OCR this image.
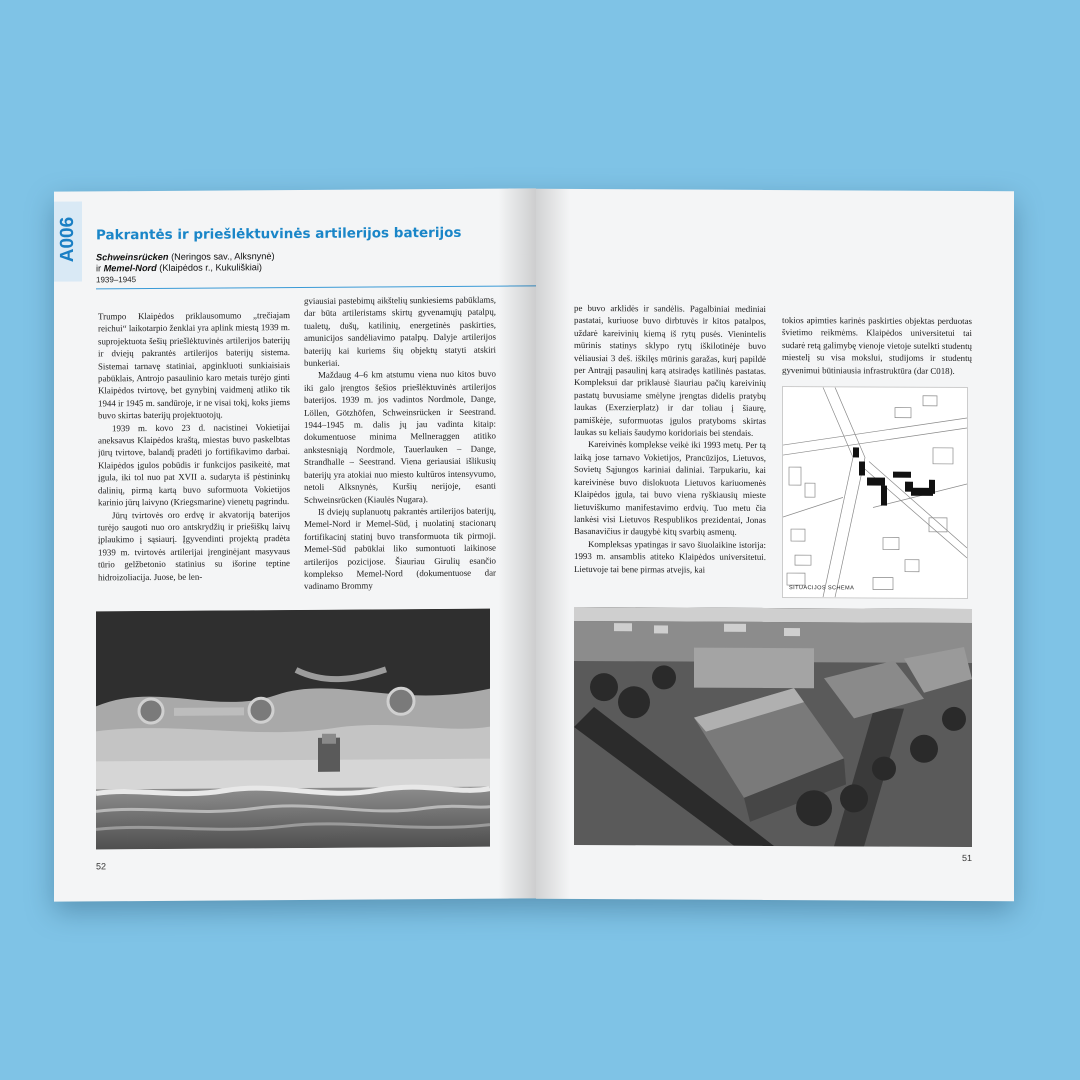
A006 Pakrantės ir priešlėktuvinės artilerijos baterijos
Schweinsrücken (Neringos sav., Alksnynė)
ir Memel-Nord (Klaipėdos r., Kukuliškiai)
1939–1945

Trumpo Klaipėdos priklausomumo „trečiajam reichui“ laikotarpio ženklai yra aplink miestą 1939 m. suprojektuota šešių priešlėktuvinės artilerijos baterijų ir dviejų pakrantės artilerijos baterijų sistema. Sistemai tarnavę statiniai, apginkluoti sunkiaisiais pabūklais, Antrojo pasaulinio karo metais turėjo ginti Klaipėdos tvirtovę, bet gynybinį vaidmenį atliko tik 1944 ir 1945 m. sandūroje, ir ne visai tokį, koks jiems buvo skirtas baterijų projektuotojų.

1939 m. kovo 23 d. nacistinei Vokietijai aneksavus Klaipėdos kraštą, miestas buvo paskelbtas jūrų tvirtove, balandį pradėti jo fortifikavimo darbai. Klaipėdos įgulos pobūdis ir funkcijos pasikeitė, mat įgula, iki tol nuo pat XVII a. sudaryta iš pėstininkų dalinių, pirmą kartą buvo suformuota Vokietijos karinio jūrų laivyno (Kriegsmarine) vienetų pagrindu.

Jūrų tvirtovės oro erdvę ir akvatoriją baterijos turėjo saugoti nuo oro antskrydžių ir priešiškų laivų įplaukimo į sąsiaurį. Įgyvendinti projektą pradėta 1939 m. tvirtovės artilerijai įrenginėjant masyvaus tūrio gelžbetonio statinius su išorine teptine hidroizoliacija. Juose, be len-

gviausiai pastebimų aikštelių sunkiesiems pabūklams, dar būta artileristams skirtų gyvenamųjų patalpų, tualetų, dušų, katilinių, energetinės paskirties, amunicijos sandėliavimo patalpų. Dalyje artilerijos baterijų kai kuriems šių objektų statyti atskiri bunkeriai.

Maždaug 4–6 km atstumu viena nuo kitos buvo iki galo įrengtos šešios priešlėktuvinės artilerijos baterijos. 1939 m. jos vadintos Nordmole, Dange, Löllen, Götzhöfen, Schweinsrücken ir Seestrand. 1944–1945 m. dalis jų jau vadinta kitaip: dokumentuose minima Mellneraggen atitiko ankstesniąją Nordmole, Tauerlauken – Dange, Strandhalle – Seestrand. Viena geriausiai išlikusių baterijų yra atokiai nuo miesto kultūros intensyvumo, netoli Alksnynės, Kuršių nerijoje, esanti Schweinsrücken (Kiaulės Nugara).

Iš dviejų suplanuotų pakrantės artilerijos baterijų, Memel-Nord ir Memel-Süd, į nuolatinį stacionarų fortifikacinį statinį buvo transformuota tik pirmoji. Memel-Süd pabūklai liko sumontuoti laikinose artilerijos pozicijose. Šiauriau Girulių esančio komplekso Memel-Nord (dokumentuose dar vadinamo Brommy

52

pe buvo arklidės ir sandėlis. Pagalbiniai mediniai pastatai, kuriuose buvo dirbtuvės ir kitos patalpos, uždarė kareivinių kiemą iš rytų pusės. Vienintelis mūrinis statinys sklypo rytų iškilotinėje buvo vėliausiai 3 deš. iškilęs mūrinis garažas, kurį papildė per Antrąjį pasaulinį karą atsiradęs katilinės pastatas. Kompleksui dar priklausė šiauriau pačių kareivinių pastatų buvusiame smėlyne įrengtas didelis pratybų laukas (Exerzierplatz) ir dar toliau į šiaurę, pamiškėje, suformuotas įgulos pratyboms skirtas laukas su keliais šaudymo koridoriais bei stendais.

Kareivinės komplekse veikė iki 1993 metų. Per tą laiką jose tarnavo Vokietijos, Prancūzijos, Lietuvos, Sovietų Sąjungos kariniai daliniai. Tarpukariu, kai kareivinėse buvo dislokuota Lietuvos kariuomenės Klaipėdos įgula, tai buvo viena ryškiausių mieste lietuviškumo manifestavimo erdvių. Tuo metu čia lankėsi visi Lietuvos Respublikos prezidentai, Jonas Basanavičius ir daugybė kitų svarbių asmenų.

Kompleksas ypatingas ir savo šiuolaikine istorija: 1993 m. ansamblis atiteko Klaipėdos universitetui. Lietuvoje tai bene pirmas atvejis, kai

tokios apimties karinės paskirties objektas perduotas švietimo reikmėms. Klaipėdos universitetui tai sudarė retą galimybę vienoje vietoje sutelkti studentų miestelį su visa mokslui, studijoms ir studentų gyvenimui būtiniausia infrastruktūra (dar C018).

SITUACIJOS SCHEMA
51
